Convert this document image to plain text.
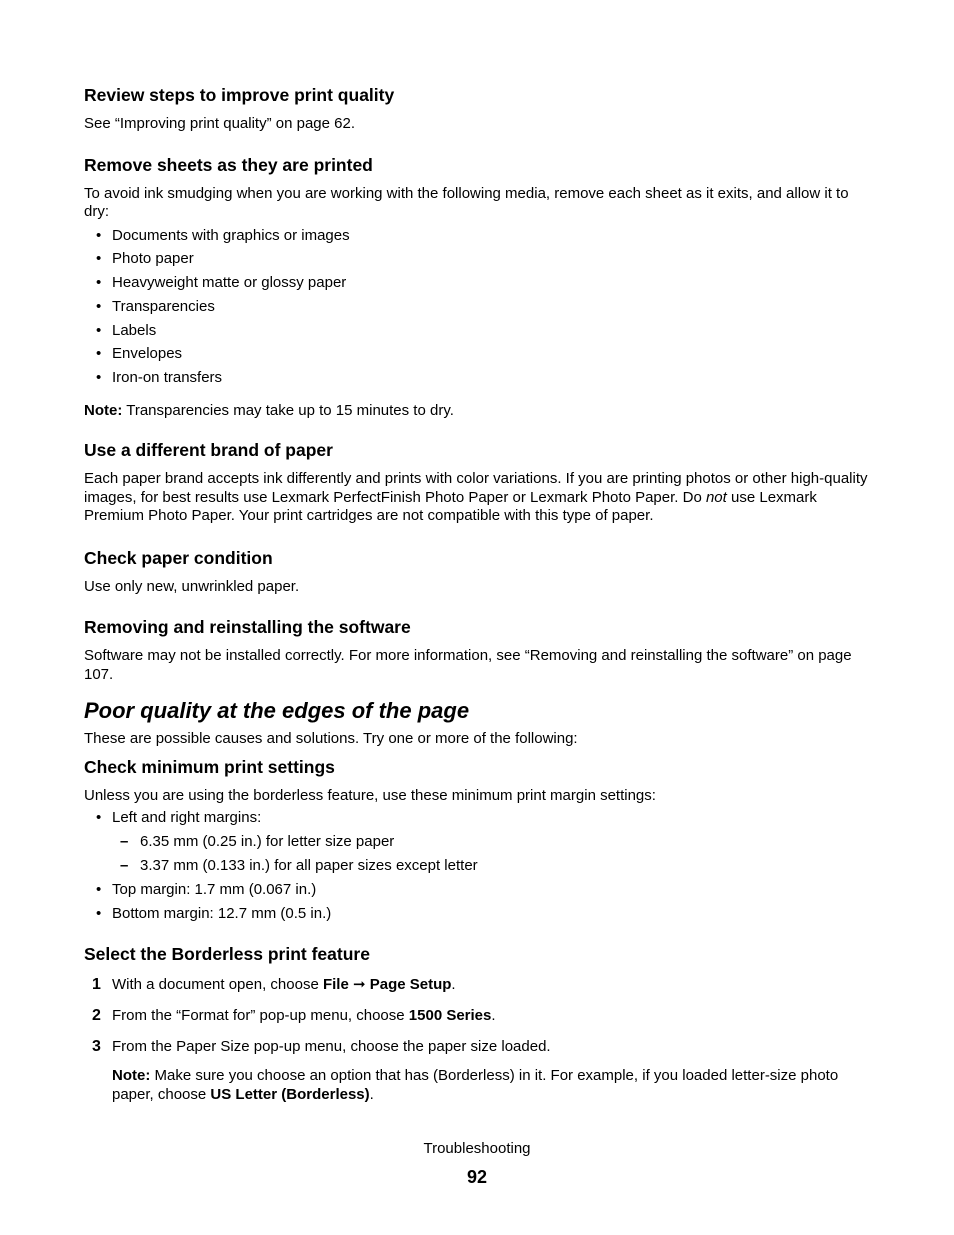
Review steps to improve print quality

See “Improving print quality” on page 62.

Remove sheets as they are printed

To avoid ink smudging when you are working with the following media, remove each sheet as it exits, and allow it to dry:

• Documents with graphics or images
• Photo paper
• Heavyweight matte or glossy paper
• Transparencies
• Labels
• Envelopes
• Iron-on transfers

Note: Transparencies may take up to 15 minutes to dry.

Use a different brand of paper

Each paper brand accepts ink differently and prints with color variations. If you are printing photos or other high-quality images, for best results use Lexmark PerfectFinish Photo Paper or Lexmark Photo Paper. Do not use Lexmark Premium Photo Paper. Your print cartridges are not compatible with this type of paper.

Check paper condition

Use only new, unwrinkled paper.

Removing and reinstalling the software

Software may not be installed correctly. For more information, see “Removing and reinstalling the software” on page 107.

Poor quality at the edges of the page

These are possible causes and solutions. Try one or more of the following:

Check minimum print settings

Unless you are using the borderless feature, use these minimum print margin settings:

• Left and right margins:
– 6.35 mm (0.25 in.) for letter size paper
– 3.37 mm (0.133 in.) for all paper sizes except letter
• Top margin: 1.7 mm (0.067 in.)
• Bottom margin: 12.7 mm (0.5 in.)
Select the Borderless print feature
1 With a document open, choose File ➞ Page Setup.
2 From the “Format for” pop-up menu, choose 1500 Series.
3 From the Paper Size pop-up menu, choose the paper size loaded.

Note: Make sure you choose an option that has (Borderless) in it. For example, if you loaded letter-size photo paper, choose US Letter (Borderless).

Troubleshooting
92
